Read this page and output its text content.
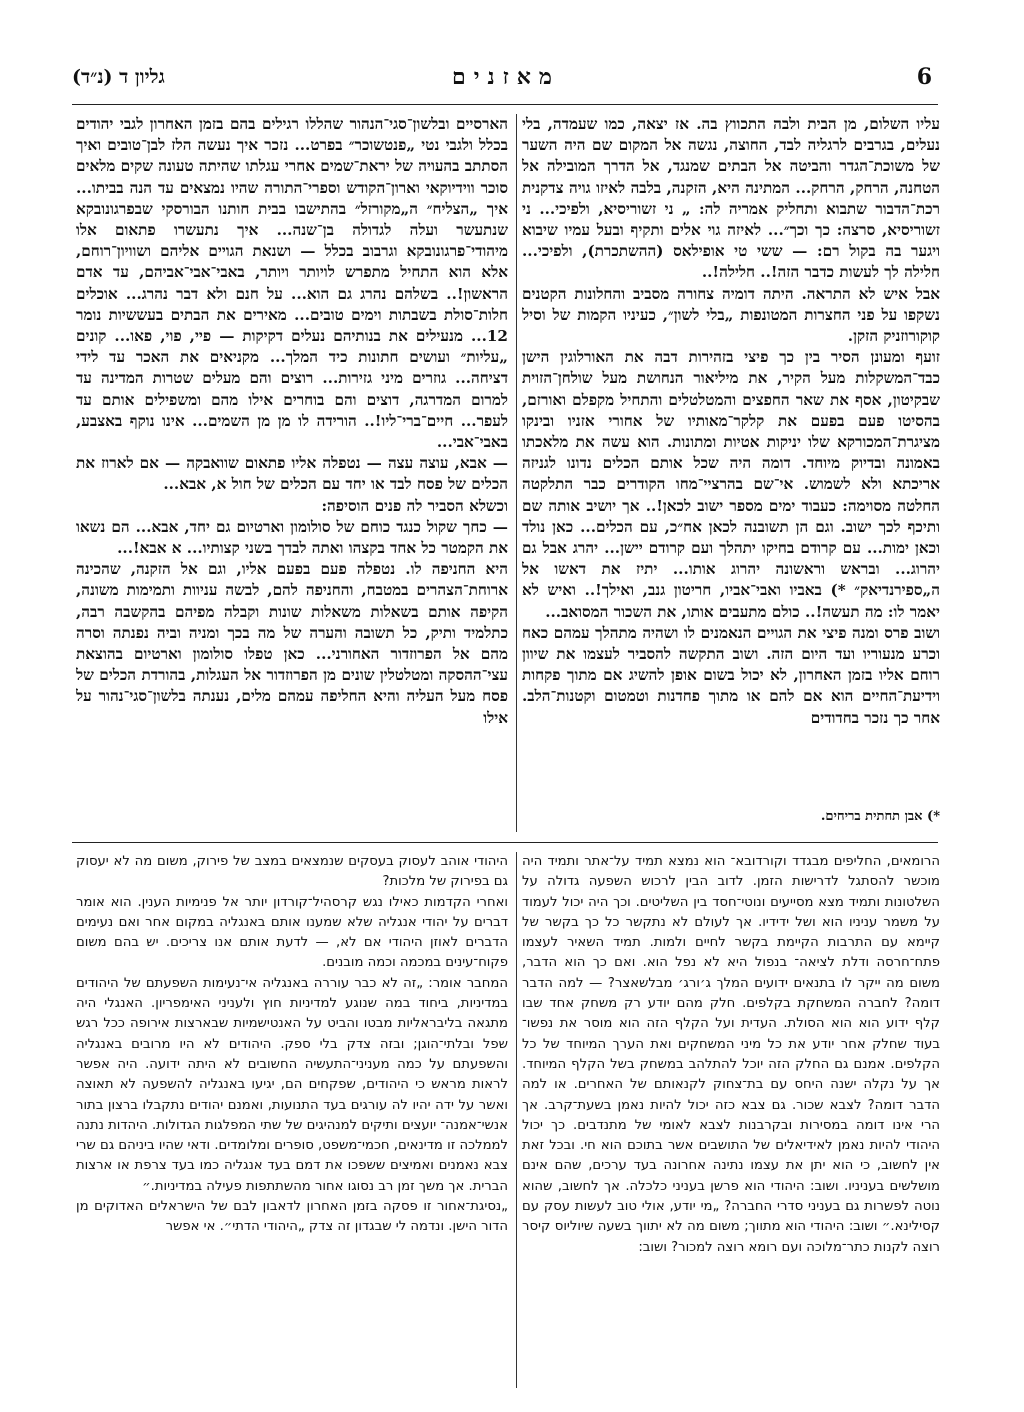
גליון ד (נ״ד)	מאזנים	6

עליו השלום, מן הבית ולבה התכווץ בה. אז יצאה, כמו שעמדה, בלי נעלים, בגרבים לרגליה לבד, החוצה, נגשה אל המקום שם היה השער של משוכת־הגדר והביטה אל הבתים שמנגד, אל הדרך המובילה אל הטחנה, הרחק, הרחק... המתינה היא, הזקנה, בלבה לאיזו גויה צדקנית רכת־הדבור שתבוא ותחליק אמריה לה: „ ני זשוריסיא, ולפיכי... ני זשוריסיא, סרצה: כך וכך״... לאיזה גוי אלים ותקיף ובעל עמיו שיבוא ויגער בה בקול רם: — ששי טי אופילאס (ההשתכרת), ולפיכי... חלילה לך לעשות כדבר הזה!.. חלילה!..

אבל איש לא התראה. היתה דומיה צחורה מסביב והחלונות הקטנים נשקפו על פני החצרות המטונפות „בלי לשון״, כעיניו הקמות של וסיל קוקורוזניק הזקן.

זועף ומעונן הסיר בין כך פיצי בזהירות דבה את האורלוגין הישן כבד־המשקלות מעל הקיר, את מיליאור הנחושת מעל שולחן־הזוית שבקיטון, אסף את שאר החפצים והמטלטלים והתחיל מקפלם ואורזם, בהסיטו פעם בפעם את קלקר־מאותיו של אחורי אזניו ובינקו מציגרת־המכורקא שלו יניקות אטיות ומתונות. הוא עשה את מלאכתו באמונה ובדיוק מיוחד. דומה היה שכל אותם הכלים נדונו לגניזה אריכתא ולא לשמוש. אי־שם בהרציי־מחו הקודרים כבר התלקטה החלטה מסוימה: כעבוד ימים מספר ישוב לכאן!.. אך יושיב אותה שם ותיכף לכך ישוב. וגם הן תשובנה לכאן אח״כ, עם הכלים... כאן נולד וכאן ימות... עם קרודם בחיקו יתהלך ועם קרודם יישן... יהרג אבל גם יהרוג... ובראש וראשונה יהרוג אותו... יתיז את דאשו אל ה„ספירנדיאק״ *) באביו ואבי־אביו, חריטון גנב, ואילך!.. ואיש לא יאמר לו: מה תעשה!.. כולם מתעבים אותו, את השכור המסואב...

ושוב פרס ומנה פיצי את הגויים הנאמנים לו ושהיה מתהלך עמהם כאח וכרע מנעוריו ועד היום הזה. ושוב התקשה להסביר לעצמו את שיוון רוחם אליו בזמן האחרון, לא יכול בשום אופן להשיג אם מתוך פקחות וידיעת־החיים הוא אם להם או מתוך פחדנות וטמטום וקטנות־הלב. אחר כך נזכר בחדודים

*) אבן תחתית בריחים.

הארסיים ובלשון־סגי־הנהור שהללו רגילים בהם בזמן האחרון לגבי יהודים בכלל ולגבי נטי „פנטשוכר״ בפרט... נזכר איך נעשה הלז לבן־טובים ואיך הסתתב בהעויה של יראת־שמים אחרי עגלתו שהיתה טעונה שקים מלאים סוכר ווידיוקאי וארון־הקודש וספרי־התורה שהיו נמצאים עד הנה בביתו... איך „הצליח״ ה„מקורזל״ בהתישבו בבית חותנו הבורסקי שבפרגונובקא שנתעשר ועלה לגדולה בן־שנה... איך נתעשרו פתאום אלו מיהודי־פרגונובקא וגרבוב בכלל — ושנאת הגויים אליהם ושוויון־רוחם, אלא הוא התחיל מתפרש לויותר ויותר, באבי־אבי־אביהם, עד אדם הראשון!.. בשלהם נהרג גם הוא... על חנם ולא דבר נהרג... אוכלים חלות־סולת בשבתות וימים טובים... מאירים את הבתים בעששיות נומר 12... מנעילים את בנותיהם נעלים דקיקות — פיי, פוי, פאו... קונים „עליות״ ועושים חתונות כיד המלך... מקניאים את האכר עד לידי דציחה... גוזרים מיני גזירות... רוצים והם מעלים שטרות המדינה עד למרום המדרגה, דוצים והם בוחרים אילו מהם ומשפילים אותם עד לעפר... חיים־ברי־ליו!.. הורידה לו מן מן השמים... אינו נוקף באצבע, באבי־אבי...

— אבא, עוצה עצה — נטפלה אליו פתאום שוואבקה — אם לארוז את הכלים של פסח לבד או יחד עם הכלים של חול א, אבא...

וכשלא הסביר לה פנים הוסיפה:

— כחך שקול כנגד כוחם של סולומון וארטיום גם יחד, אבא... הם נשאו את הקמטר כל אחד בקצהו ואתה לבדך בשני קצותיו... א אבא!...

היא החניפה לו. נטפלה פעם בפעם אליו, וגם אל הזקנה, שהכינה ארוחת־הצהרים במטבח, והחניפה להם, לבשה עניוות ותמימות משונה, הקיפה אותם בשאלות משאלות שונות וקבלה מפיהם בהקשבה רבה, כתלמיד ותיק, כל תשובה והערה של מה בכך ומניה וביה נפנתה וסרה מהם אל הפרוזדור האחורני... כאן טפלו סולומון וארטיום בהוצאת עצי־ההסקה ומטלטלין שונים מן הפרוזדור אל העגלות, בהורדת הכלים של פסח מעל העליה והיא החליפה עמהם מלים, נענתה בלשון־סגי־נהור על אילו

הרומאים, החליפים מבגדד וקורדובא־ הוא נמצא תמיד על־אתר ותמיד היה מוכשר להסתגל לדרישות הזמן. לדוב הבין לרכוש השפעה גדולה על השלטונות ותמיד מצא מסייעים ונוטי־חסד בין השליטים. וכך היה יכול לעמוד על משמר עניניו הוא ושל ידידיו. אך לעולם לא נתקשר כל כך בקשר של קיימא עם התרבות הקיימת בקשר לחיים ולמות. תמיד השאיר לעצמו פתח־חרסה ודלת לציאה־ בנפול היא לא נפל הוא. ואם כך הוא הדבר, משום מה ייקר לו בתנאים ידועים המלך ג׳ורג׳ מבלשאצר? — למה הדבר דומה? לחברה המשחקת בקלפים. חלק מהם יודע רק משחק אחד שבו קלף ידוע הוא הוא הסולת. העדית ועל הקלף הזה הוא מוסר את נפשו־ בעוד שחלק אחר יודע את כל מיני המשחקים ואת הערך המיוחד של כל הקלפים. אמנם גם החלק הזה יוכל להתלהב במשחק בשל הקלף המיוחד. אך על נקלה ישנה היחס עם בת־צחוק לקנאותם של האחרים. או למה הדבר דומה? לצבא שכור. גם צבא כזה יכול להיות נאמן בשעת־קרב. אך הרי אינו דומה במסירות ובקרבנות לצבא לאומי של מתנדבים. כך יכול היהודי להיות נאמן לאידיאלים של התושבים אשר בתוכם הוא חי. ובכל זאת אין לחשוב, כי הוא יתן את עצמו נתינה אחרונה בעד ערכים, שהם אינם מושלשים בעניניו. ושוב: היהודי הוא פרשן בעניני כלכלה. אך לחשוב, שהוא נוטה לפשרות גם בעניני סדרי החברה? „מי יודע, אולי טוב לעשות עסק עם קסילינא.״ ושוב: היהודי הוא מתווך; משום מה לא יתווך בשעה שיוליוס קיסר רוצה לקנות כתר־מלוכה ועם רומא רוצה למכור? ושוב:

היהודי אוהב לעסוק בעסקים שנמצאים במצב של פירוק, משום מה לא יעסוק גם בפירוק של מלכות?

ואחרי הקדמות כאילו נגש קרסהיל־קורדון יותר אל פנימיות הענין. הוא אומר דברים על יהודי אנגליה שלא שמענו אותם באנגליה במקום אחר ואם נעימים הדברים לאוזן היהודי אם לא, — לדעת אותם אנו צריכים. יש בהם משום פקוח־עינים במכמה וכמה מובנים.

המחבר אומר: „זה לא כבר עוררה באנגליה אי־נעימות השפעתם של היהודים במדיניות, ביחוד במה שנוגע למדיניות חוץ ולעניני האימפריון. האנגלי היה מתגאה בליבראליות מבטו והביט על האנטישמיות שבארצות אירופה ככל רגש שפל ובלתי־הוגן; ובזה צדק בלי ספק. היהודים לא היו מרובים באנגליה והשפעתם על כמה מעניני־התעשיה החשובים לא היתה ידועה. היה אפשר לראות מראש כי היהודים, שפקחים הם, יגיעו באנגליה להשפעה לא תאוצה ואשר על ידה יהיו לה עורגים בעד התנועות, ואמנם יהודים נתקבלו ברצון בתור אנשי־אמנה־ יועצים ותיקים למנהיגים של שתי המפלגות הגדולות. היהדות נתנה לממלכה זו מדינאים, חכמי־משפט, סופרים ומלומדים. ודאי שהיו ביניהם גם שרי צבא נאמנים ואמיצים ששפכו את דמם בעד אנגליה כמו בעד צרפת או ארצות הברית. אך משך זמן רב נסוגו אחור מהשתתפות פעילה במדיניות.״

„נסיגת־אחור זו פסקה בזמן האחרון לדאבון לבם של הישראלים האדוקים מן הדור הישן. ונדמה לי שבגדון זה צדק „היהודי הדתי״. אי אפשר
